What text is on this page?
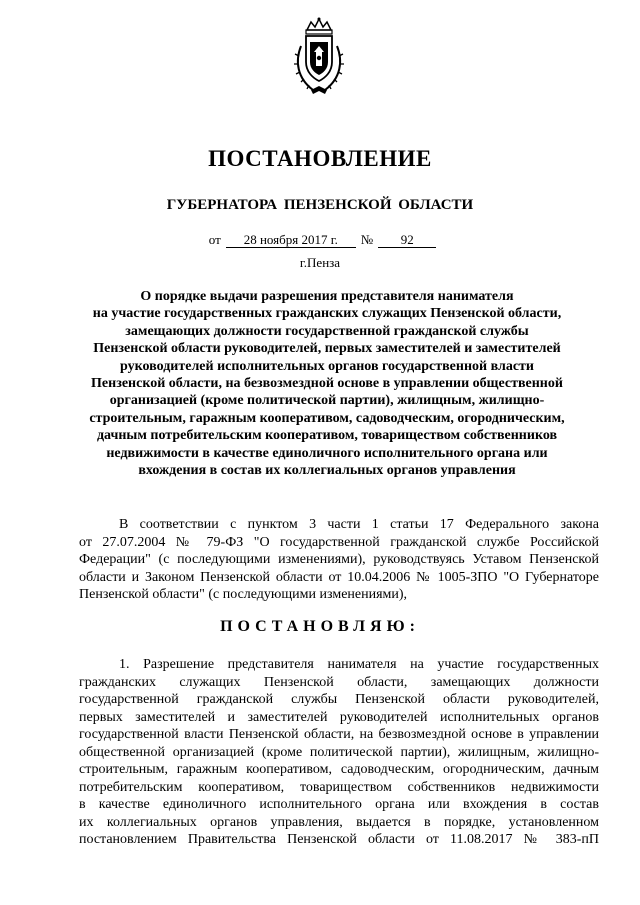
ПОСТАНОВЛЕНИЕ
ГУБЕРНАТОРА ПЕНЗЕНСКОЙ ОБЛАСТИ
от 28 ноября 2017 г. № 92
г.Пенза
О порядке выдачи разрешения представителя нанимателя
на участие государственных гражданских служащих Пензенской области,
замещающих должности государственной гражданской службы
Пензенской области руководителей, первых заместителей и заместителей
руководителей исполнительных органов государственной власти
Пензенской области, на безвозмездной основе в управлении общественной
организацией (кроме политической партии), жилищным, жилищно-
строительным, гаражным кооперативом, садоводческим, огородническим,
дачным потребительским кооперативом, товариществом собственников
недвижимости в качестве единоличного исполнительного органа или
вхождения в состав их коллегиальных органов управления
В соответствии с пунктом 3 части 1 статьи 17 Федерального закона
от 27.07.2004 № 79-ФЗ "О государственной гражданской службе Российской
Федерации" (с последующими изменениями), руководствуясь Уставом Пензенской
области и Законом Пензенской области от 10.04.2006 № 1005-ЗПО "О Губернаторе
Пензенской области" (с последующими изменениями),
ПОСТАНОВЛЯЮ:
1. Разрешение представителя нанимателя на участие государственных
гражданских служащих Пензенской области, замещающих должности
государственной гражданской службы Пензенской области руководителей,
первых заместителей и заместителей руководителей исполнительных органов
государственной власти Пензенской области, на безвозмездной основе в управлении
общественной организацией (кроме политической партии), жилищным, жилищно-
строительным, гаражным кооперативом, садоводческим, огородническим, дачным
потребительским кооперативом, товариществом собственников недвижимости
в качестве единоличного исполнительного органа или вхождения в состав
их коллегиальных органов управления, выдается в порядке, установленном
постановлением Правительства Пензенской области от 11.08.2017 № 383-пП
